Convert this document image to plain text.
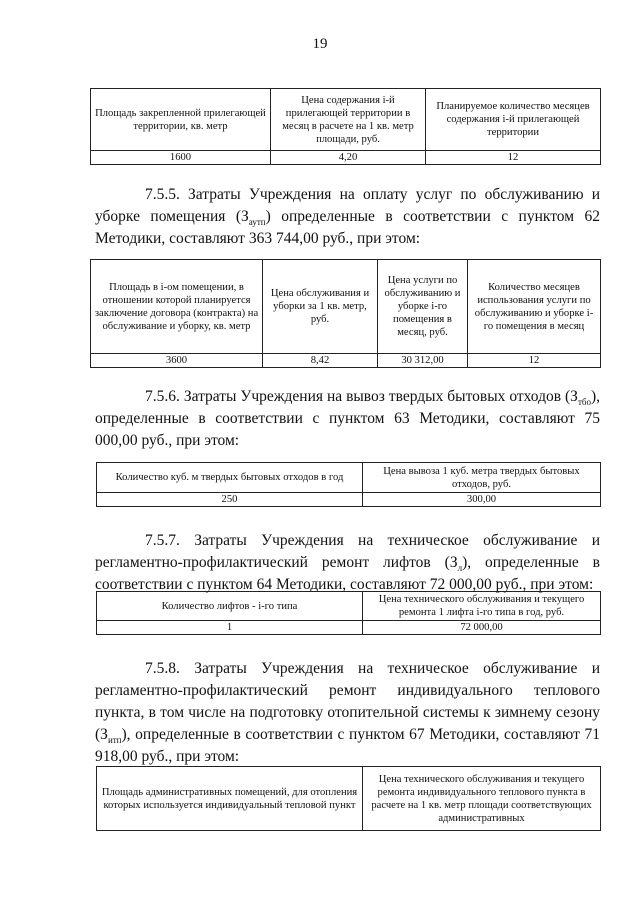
19
Площадь закрепленной прилегающей территории, кв. метр	Цена содержания i-й прилегающей территории в месяц в расчете на 1 кв. метр площади, руб.	Планируемое количество месяцев содержания i-й прилегающей территории
1600	4,20	12

7.5.5. Затраты Учреждения на оплату услуг по обслуживанию и уборке помещения $(З_{аутп})$ определенные в соответствии с пунктом 62 Методики, составляют 363 744,00 руб., при этом:

Площадь в i-ом помещении, в отношении которой планируется заключение договора (контракта) на обслуживание и уборку, кв. метр	Цена обслуживания и уборки за 1 кв. метр, руб.	Цена услуги по обслуживанию и уборке i-го помещения в месяц, руб.	Количество месяцев использования услуги по обслуживанию и уборке i-го помещения в месяц
3600	8,42	30 312,00	12

7.5.6. Затраты Учреждения на вывоз твердых бытовых отходов $(З_{тбо})$, определенные в соответствии с пунктом 63 Методики, составляют 75 000,00 руб., при этом:

Количество куб. м твердых бытовых отходов в год	Цена вывоза 1 куб. метра твердых бытовых отходов, руб.
250	300,00

7.5.7. Затраты Учреждения на техническое обслуживание и регламентно-профилактический ремонт лифтов $(З_л)$, определенные в соответствии с пунктом 64 Методики, составляют 72 000,00 руб., при этом:

Количество лифтов - i-го типа	Цена технического обслуживания и текущего ремонта 1 лифта i-го типа в год, руб.
1	72 000,00

7.5.8. Затраты Учреждения на техническое обслуживание и регламентно-профилактический ремонт индивидуального теплового пункта, в том числе на подготовку отопительной системы к зимнему сезону $(З_{итп})$, определенные в соответствии с пунктом 67 Методики, составляют 71 918,00 руб., при этом:

Площадь административных помещений, для отопления которых используется индивидуальный тепловой пункт	Цена технического обслуживания и текущего ремонта индивидуального теплового пункта в расчете на 1 кв. метр площади соответствующих административных
